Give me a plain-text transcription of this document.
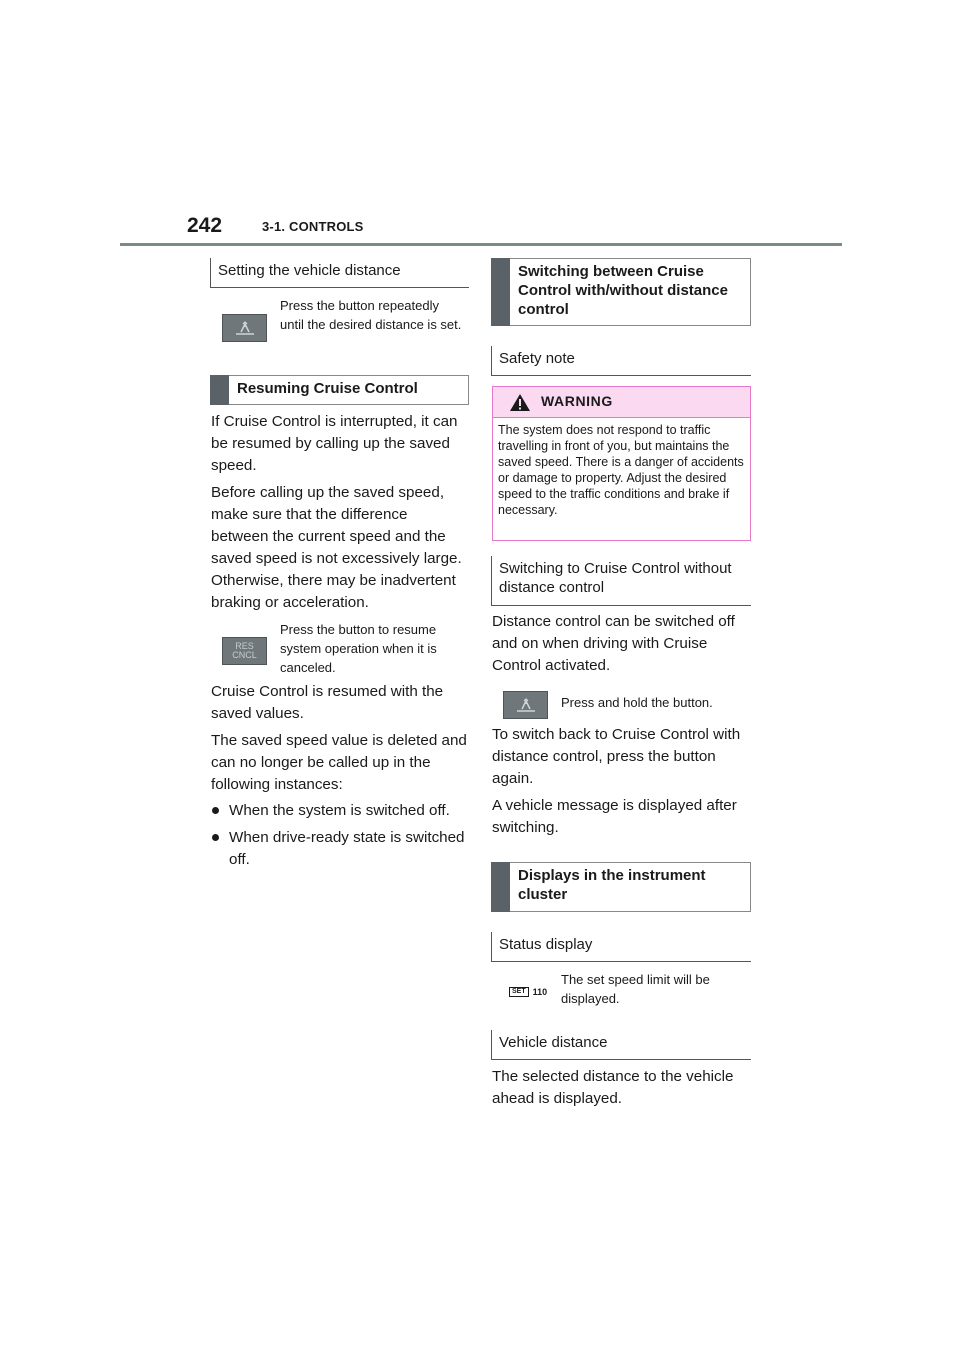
242	3-1. CONTROLS
Setting the vehicle distance
Press the button repeatedly until the desired distance is set.
Resuming Cruise Control

If Cruise Control is interrupted, it can be resumed by calling up the saved speed.

Before calling up the saved speed, make sure that the difference between the current speed and the saved speed is not excessively large. Otherwise, there may be inadvertent braking or acceleration.

RES
CNCL
Press the button to resume system operation when it is canceled.

Cruise Control is resumed with the saved values.

The saved speed value is deleted and can no longer be called up in the following instances:

When the system is switched off.
When drive-ready state is switched off.
Switching between Cruise Control with/without distance control
Safety note
WARNING
The system does not respond to traffic travelling in front of you, but maintains the saved speed. There is a danger of accidents or damage to property. Adjust the desired speed to the traffic conditions and brake if necessary.
Switching to Cruise Control without distance control

Distance control can be switched off and on when driving with Cruise Control activated.

Press and hold the button.

To switch back to Cruise Control with distance control, press the button again.

A vehicle message is displayed after switching.

Displays in the instrument cluster
Status display
SET 110
The set speed limit will be displayed.
Vehicle distance

The selected distance to the vehicle ahead is displayed.
